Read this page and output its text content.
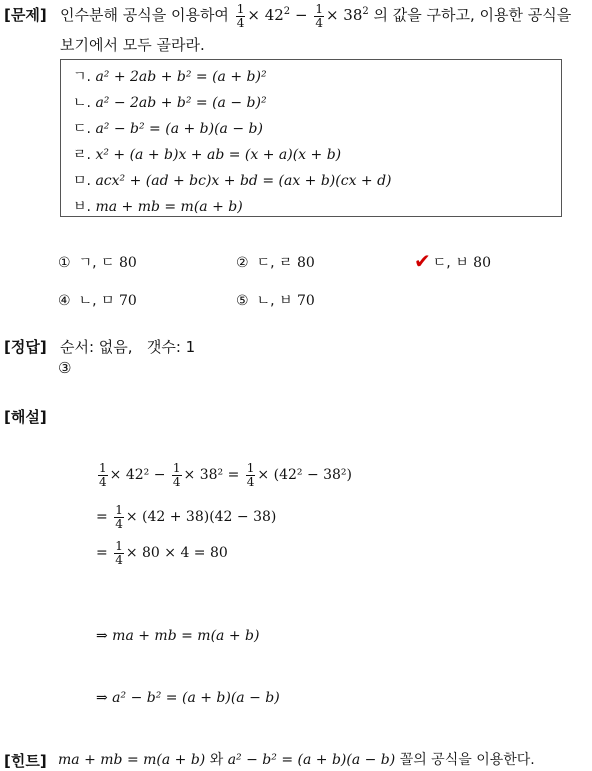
[문제] 인수분해 공식을 이용하여 $\frac{1}{4} \times 42^2 - \frac{1}{4} \times 38^2$ 의 값을 구하고, 이용한 공식을
보기에서 모두 골라라.
ㄱ. a² + 2ab + b² = (a + b)²
ㄴ. a² − 2ab + b² = (a − b)²
ㄷ. a² − b² = (a + b)(a − b)
ㄹ. x² + (a + b)x + ab = (x + a)(x + b)
ㅁ. acx² + (ad + bc)x + bd = (ax + b)(cx + d)
ㅂ. ma + mb = m(a + b)
① ㄱ, ㄷ 80	② ㄷ, ㄹ 80	✔ ㄷ, ㅂ 80
④ ㄴ, ㅁ 70	⑤ ㄴ, ㅂ 70
[정답] 순서: 없음,   갯수: 1
③
[해설]
$\frac{1}{4} \times 42^2 - \frac{1}{4} \times 38^2 = \frac{1}{4} \times (42^2 - 38^2)$
= $\frac{1}{4} \times (42 + 38)(42 - 38)$
= $\frac{1}{4} \times 80 \times 4 = 80$
⇒ ma + mb = m(a + b)
⇒ a² − b² = (a + b)(a − b)
[힌트] ma + mb = m(a + b) 와 a² − b² = (a + b)(a − b) 꼴의 공식을 이용한다.
